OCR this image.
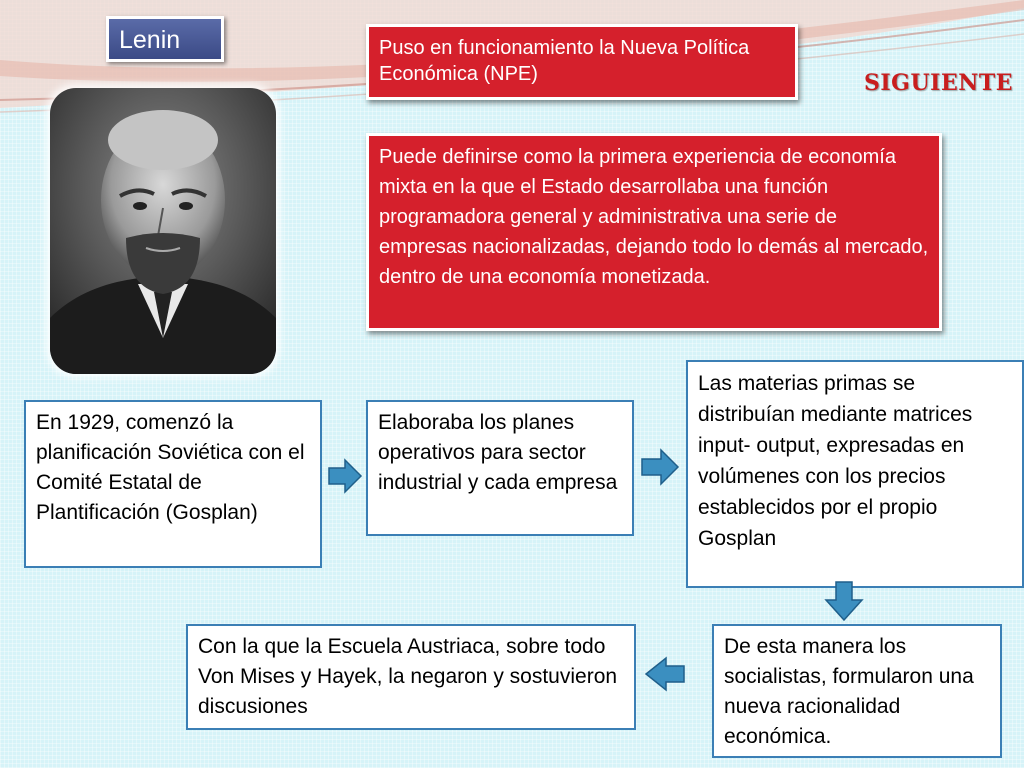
Lenin
SIGUIENTE
Puso en funcionamiento la Nueva Política Económica (NPE)
Puede definirse como la primera experiencia de economía mixta en la que el Estado desarrollaba una función programadora general y administrativa una serie de empresas nacionalizadas, dejando todo lo demás al mercado, dentro de una economía monetizada.
En 1929, comenzó la planificación Soviética con el Comité Estatal de Plantificación (Gosplan)
Elaboraba los planes operativos para sector industrial y cada empresa
Las materias primas se distribuían mediante matrices input- output, expresadas en volúmenes con los precios establecidos por el propio Gosplan
De esta manera los socialistas, formularon una nueva racionalidad económica.
Con la que la Escuela Austriaca, sobre todo Von Mises y Hayek, la negaron y sostuvieron discusiones
